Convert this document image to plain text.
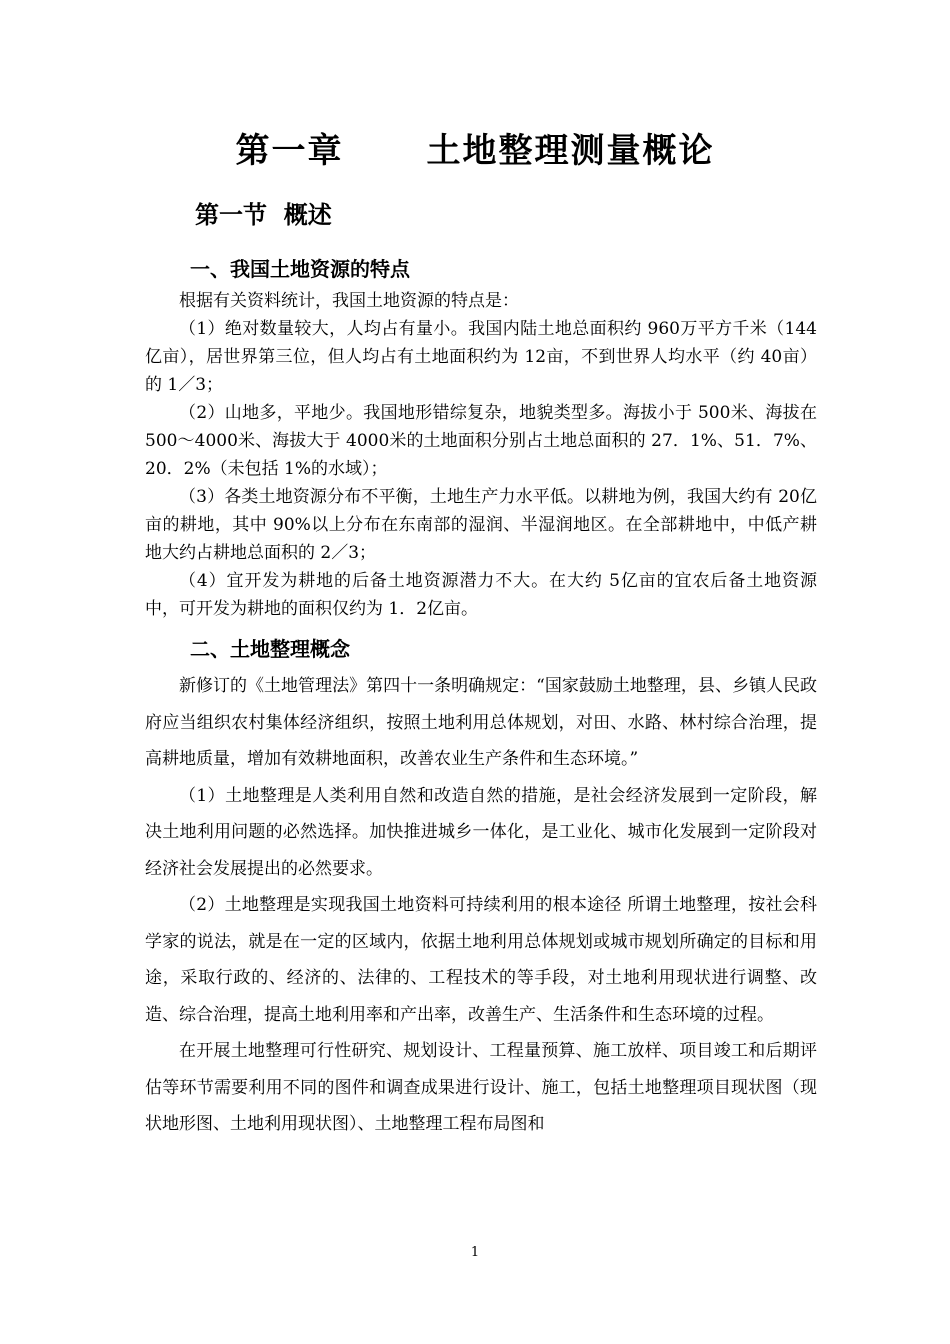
第一章      土地整理测量概论
第一节  概述
一、我国土地资源的特点

根据有关资料统计，我国土地资源的特点是：

（1）绝对数量较大，人均占有量小。我国内陆土地总面积约 960万平方千米（144亿亩），居世界第三位，但人均占有土地面积约为 12亩，不到世界人均水平（约 40亩）的 1／3；

（2）山地多，平地少。我国地形错综复杂，地貌类型多。海拔小于 500米、海拔在 500～4000米、海拔大于 4000米的土地面积分别占土地总面积的 27．1%、51．7%、20．2%（未包括 1%的水域）；

（3）各类土地资源分布不平衡，土地生产力水平低。以耕地为例，我国大约有 20亿亩的耕地，其中 90%以上分布在东南部的湿润、半湿润地区。在全部耕地中，中低产耕地大约占耕地总面积的 2／3；

（4）宜开发为耕地的后备土地资源潜力不大。在大约 5亿亩的宜农后备土地资源中，可开发为耕地的面积仅约为 1．2亿亩。

二、土地整理概念

新修订的《土地管理法》第四十一条明确规定：“国家鼓励土地整理，县、乡镇人民政府应当组织农村集体经济组织，按照土地利用总体规划，对田、水路、林村综合治理，提高耕地质量，增加有效耕地面积，改善农业生产条件和生态环境。”

（1）土地整理是人类利用自然和改造自然的措施，是社会经济发展到一定阶段，解决土地利用问题的必然选择。加快推进城乡一体化，是工业化、城市化发展到一定阶段对经济社会发展提出的必然要求。

（2）土地整理是实现我国土地资料可持续利用的根本途径 所谓土地整理，按社会科学家的说法，就是在一定的区域内，依据土地利用总体规划或城市规划所确定的目标和用途，采取行政的、经济的、法律的、工程技术的等手段，对土地利用现状进行调整、改造、综合治理，提高土地利用率和产出率，改善生产、生活条件和生态环境的过程。

在开展土地整理可行性研究、规划设计、工程量预算、施工放样、项目竣工和后期评估等环节需要利用不同的图件和调查成果进行设计、施工，包括土地整理项目现状图（现状地形图、土地利用现状图）、土地整理工程布局图和

1
